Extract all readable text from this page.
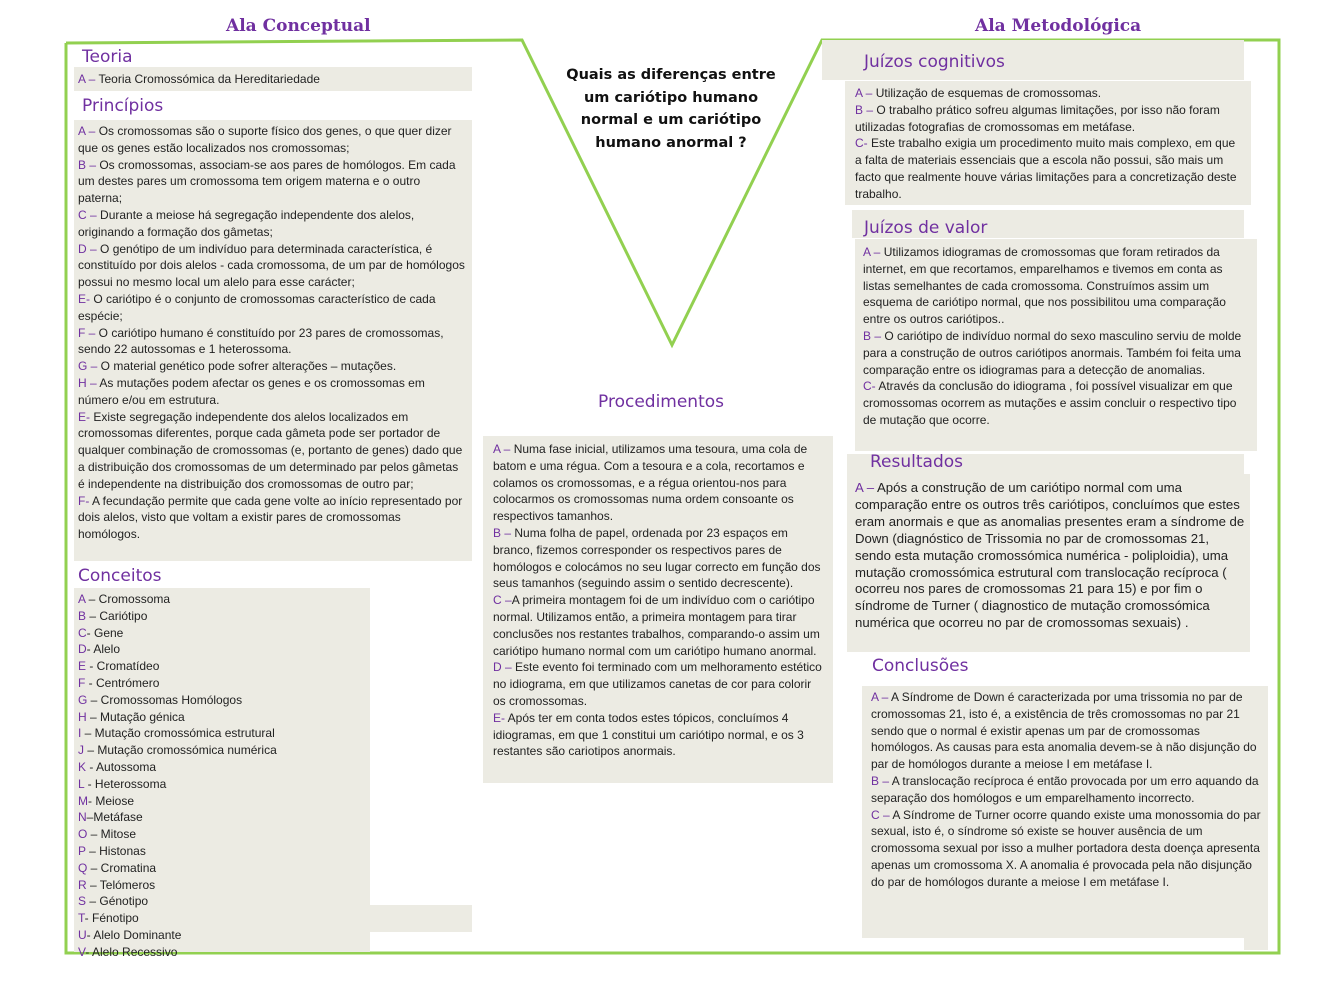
Ala Conceptual	Ala Metodológica
Quais as diferenças entre um cariótipo humano normal e um cariótipo humano anormal ?
Teoria

A – Teoria Cromossómica da Hereditariedade

Princípios

A – Os cromossomas são o suporte físico dos genes, o que quer dizer que os genes estão localizados nos cromossomas;

B – Os cromossomas, associam-se aos pares de homólogos. Em cada um destes pares um cromossoma tem origem materna e o outro paterna;

C – Durante a meiose há segregação independente dos alelos, originando a formação dos gâmetas;

D – O genótipo de um indivíduo para determinada característica, é constituído por dois alelos - cada cromossoma, de um par de homólogos possui no mesmo local um alelo para esse carácter;

E- O cariótipo é o conjunto de cromossomas característico de cada espécie;

F – O cariótipo humano é constituído por 23 pares de cromossomas, sendo 22 autossomas e 1 heterossoma.

G – O material genético pode sofrer alterações – mutações.

H – As mutações podem afectar os genes e os cromossomas em número e/ou em estrutura.

E- Existe segregação independente dos alelos localizados em cromossomas diferentes, porque cada gâmeta pode ser portador de qualquer combinação de cromossomas (e, portanto de genes) dado que a distribuição dos cromossomas de um determinado par pelos gâmetas é independente na distribuição dos cromossomas de outro par;

F- A fecundação permite que cada gene volte ao início representado por dois alelos, visto que voltam a existir pares de cromossomas homólogos.

Conceitos

A – Cromossoma

B – Cariótipo

C- Gene

D- Alelo

E - Cromatídeo

F - Centrómero

G – Cromossomas Homólogos

H – Mutação génica

I – Mutação cromossómica estrutural

J – Mutação cromossómica numérica

K - Autossoma

L - Heterossoma

M- Meiose

N–Metáfase

O – Mitose

P – Histonas

Q – Cromatina

R – Telómeros

S – Génotipo

T- Fénotipo

U- Alelo Dominante

V- Alelo Recessivo

Procedimentos

A – Numa fase inicial, utilizamos uma tesoura, uma cola de batom e uma régua. Com a tesoura e a cola, recortamos e colamos os cromossomas, e a régua orientou-nos para colocarmos os cromossomas numa ordem consoante os respectivos tamanhos.

B – Numa folha de papel, ordenada por 23 espaços em branco, fizemos corresponder os respectivos pares de homólogos e colocámos no seu lugar correcto em função dos seus tamanhos (seguindo assim o sentido decrescente).

C –A primeira montagem foi de um indivíduo com o cariótipo normal. Utilizamos então, a primeira montagem para tirar conclusões nos restantes trabalhos, comparando-o assim um cariótipo humano normal com um cariótipo humano anormal.

D – Este evento foi terminado com um melhoramento estético no idiograma, em que utilizamos canetas de cor para colorir os cromossomas.

E- Após ter em conta todos estes tópicos, concluímos 4 idiogramas, em que 1 constitui um cariótipo normal, e os 3 restantes são cariotipos anormais.

Juízos cognitivos

A – Utilização de esquemas de cromossomas.

B – O trabalho prático sofreu algumas limitações, por isso não foram utilizadas fotografias de cromossomas em metáfase.

C- Este trabalho exigia um procedimento muito mais complexo, em que a falta de materiais essenciais que a escola não possui, são mais um facto que realmente houve várias limitações para a concretização deste trabalho.

Juízos de valor

A – Utilizamos idiogramas de cromossomas que foram retirados da internet, em que recortamos, emparelhamos e tivemos em conta as listas semelhantes de cada cromossoma. Construímos assim um esquema de cariótipo normal, que nos possibilitou uma comparação entre os outros cariótipos..

B – O cariótipo de indivíduo normal do sexo masculino serviu de molde para a construção de outros cariótipos anormais. Também foi feita uma comparação entre os idiogramas para a detecção de anomalias.

C- Através da conclusão do idiograma , foi possível visualizar em que cromossomas ocorrem as mutações e assim concluir o respectivo tipo de mutação que ocorre.

Resultados

A – Após a construção de um cariótipo normal com uma comparação entre os outros três cariótipos, concluímos que estes eram anormais e que as anomalias presentes eram a síndrome de Down (diagnóstico de Trissomia no par de cromossomas 21, sendo esta mutação cromossómica numérica - poliploidia), uma mutação cromossómica estrutural com translocação recíproca ( ocorreu nos pares de cromossomas 21 para 15) e por fim o síndrome de Turner ( diagnostico de mutação cromossómica numérica que ocorreu no par de cromossomas sexuais) .

Conclusões

A – A Síndrome de Down é caracterizada por uma trissomia no par de cromossomas 21, isto é, a existência de três cromossomas no par 21 sendo que o normal é existir apenas um par de cromossomas homólogos. As causas para esta anomalia devem-se à não disjunção do par de homólogos durante a meiose I em metáfase I.

B – A translocação recíproca é então provocada por um erro aquando da separação dos homólogos e um emparelhamento incorrecto.

C – A Síndrome de Turner ocorre quando existe uma monossomia do par sexual, isto é, o síndrome só existe se houver ausência de um cromossoma sexual por isso a mulher portadora desta doença apresenta apenas um cromossoma X. A anomalia é provocada pela não disjunção do par de homólogos durante a meiose I em metáfase I.
